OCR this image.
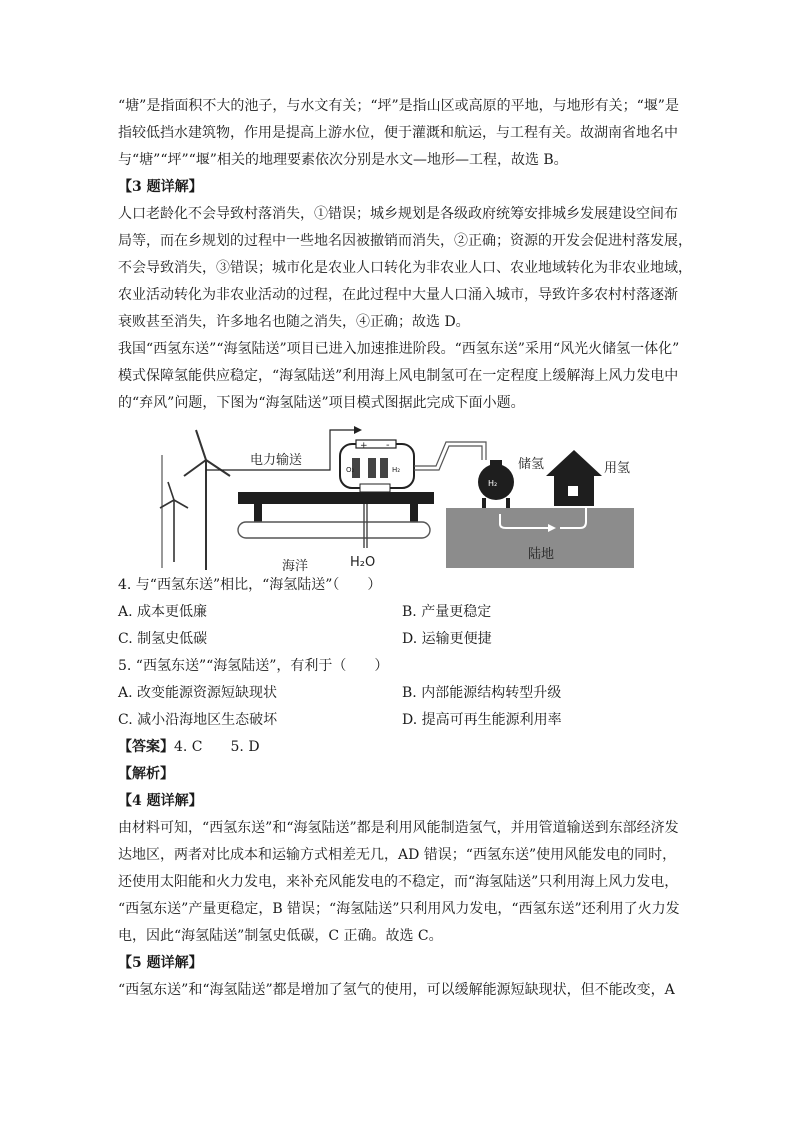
“塘”是指面积不大的池子，与水文有关；“坪”是指山区或高原的平地，与地形有关；“堰”是
指较低挡水建筑物，作用是提高上游水位，便于灌溉和航运，与工程有关。故湖南省地名中
与“塘”“坪”“堰”相关的地理要素依次分别是水文—地形—工程，故选 B。
【3 题详解】
人口老龄化不会导致村落消失，①错误；城乡规划是各级政府统筹安排城乡发展建设空间布
局等，而在乡规划的过程中一些地名因被撤销而消失，②正确；资源的开发会促进村落发展，
不会导致消失，③错误；城市化是农业人口转化为非农业人口、农业地域转化为非农业地域，
农业活动转化为非农业活动的过程，在此过程中大量人口涌入城市，导致许多农村村落逐渐
衰败甚至消失，许多地名也随之消失，④正确；故选 D。
我国“西氢东送”“海氢陆送”项目已进入加速推进阶段。“西氢东送”采用“风光火储氢一体化”
模式保障氢能供应稳定，“海氢陆送”利用海上风电制氢可在一定程度上缓解海上风力发电中
的“弃风”问题，下图为“海氢陆送”项目模式图据此完成下面小题。
电力输送
+ -
O₂	H₂
H₂
储氢	用氢
海洋	H₂O
陆地
4. 与“西氢东送”相比，“海氢陆送”（　　）
A. 成本更低廉	B. 产量更稳定
C. 制氢史低碳	D. 运输更便捷
5. “西氢东送”“海氢陆送”，有利于（　　）
A. 改变能源资源短缺现状	B. 内部能源结构转型升级
C. 减小沿海地区生态破坏	D. 提高可再生能源利用率
【答案】4. C　　5. D
【解析】
【4 题详解】
由材料可知，“西氢东送”和“海氢陆送”都是利用风能制造氢气，并用管道输送到东部经济发
达地区，两者对比成本和运输方式相差无几，AD 错误；“西氢东送”使用风能发电的同时，
还使用太阳能和火力发电，来补充风能发电的不稳定，而“海氢陆送”只利用海上风力发电，
“西氢东送”产量更稳定，B 错误；“海氢陆送”只利用风力发电，“西氢东送”还利用了火力发
电，因此“海氢陆送”制氢史低碳，C 正确。故选 C。
【5 题详解】
“西氢东送”和“海氢陆送”都是增加了氢气的使用，可以缓解能源短缺现状，但不能改变，A
